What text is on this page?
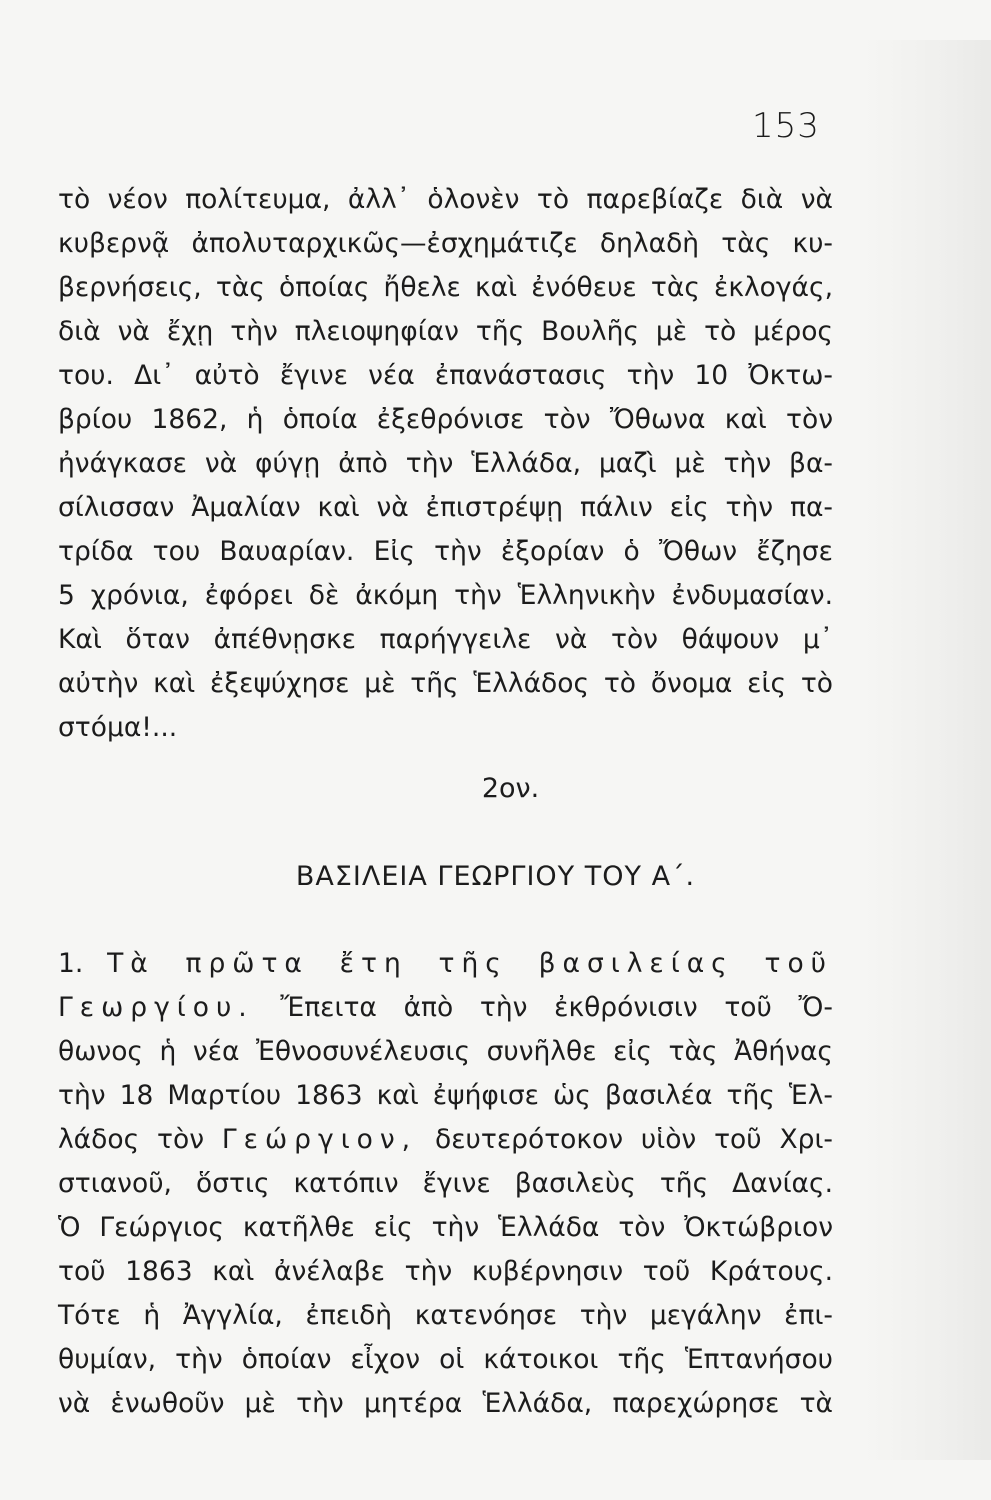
153
τὸ νέον πολίτευμα, ἀλλ᾽ ὁλονὲν τὸ παρεβίαζε διὰ νὰ
κυβερνᾷ ἀπολυταρχικῶς—ἐσχημάτιζε δηλαδὴ τὰς κυ-
βερνήσεις, τὰς ὁποίας ἤθελε καὶ ἐνόθευε τὰς ἐκλογάς,
διὰ νὰ ἔχῃ τὴν πλειοψηφίαν τῆς Βουλῆς μὲ τὸ μέρος
του. Δι᾽ αὐτὸ ἔγινε νέα ἐπανάστασις τὴν 10 Ὀκτω-
βρίου 1862, ἡ ὁποία ἐξεθρόνισε τὸν Ὄθωνα καὶ τὸν
ἠνάγκασε νὰ φύγῃ ἀπὸ τὴν Ἑλλάδα, μαζὶ μὲ τὴν βα-
σίλισσαν Ἀμαλίαν καὶ νὰ ἐπιστρέψῃ πάλιν εἰς τὴν πα-
τρίδα του Βαυαρίαν. Εἰς τὴν ἐξορίαν ὁ Ὄθων ἔζησε
5 χρόνια, ἐφόρει δὲ ἀκόμη τὴν Ἑλληνικὴν ἐνδυμασίαν.
Καὶ ὅταν ἀπέθνῃσκε παρήγγειλε νὰ τὸν θάψουν μ᾽
αὐτὴν καὶ ἐξεψύχησε μὲ τῆς Ἑλλάδος τὸ ὄνομα εἰς τὸ
στόμα!...
1. Τὰ πρῶτα ἔτη τῆς βασιλείας τοῦ
Γεωργίου. Ἔπειτα ἀπὸ τὴν ἐκθρόνισιν τοῦ Ὄ-
θωνος ἡ νέα Ἐθνοσυνέλευσις συνῆλθε εἰς τὰς Ἀθήνας
τὴν 18 Μαρτίου 1863 καὶ ἐψήφισε ὡς βασιλέα τῆς Ἑλ-
λάδος τὸν Γεώργιον, δευτερότοκον υἱὸν τοῦ Χρι-
στιανοῦ, ὅστις κατόπιν ἔγινε βασιλεὺς τῆς Δανίας.
Ὁ Γεώργιος κατῆλθε εἰς τὴν Ἑλλάδα τὸν Ὀκτώβριον
τοῦ 1863 καὶ ἀνέλαβε τὴν κυβέρνησιν τοῦ Κράτους.
Τότε ἡ Ἀγγλία, ἐπειδὴ κατενόησε τὴν μεγάλην ἐπι-
θυμίαν, τὴν ὁποίαν εἶχον οἱ κάτοικοι τῆς Ἑπτανήσου
νὰ ἑνωθοῦν μὲ τὴν μητέρα Ἑλλάδα, παρεχώρησε τὰ
2ον.
ΒΑΣΙΛΕΙΑ ΓΕΩΡΓΙΟΥ ΤΟΥ Α΄.
